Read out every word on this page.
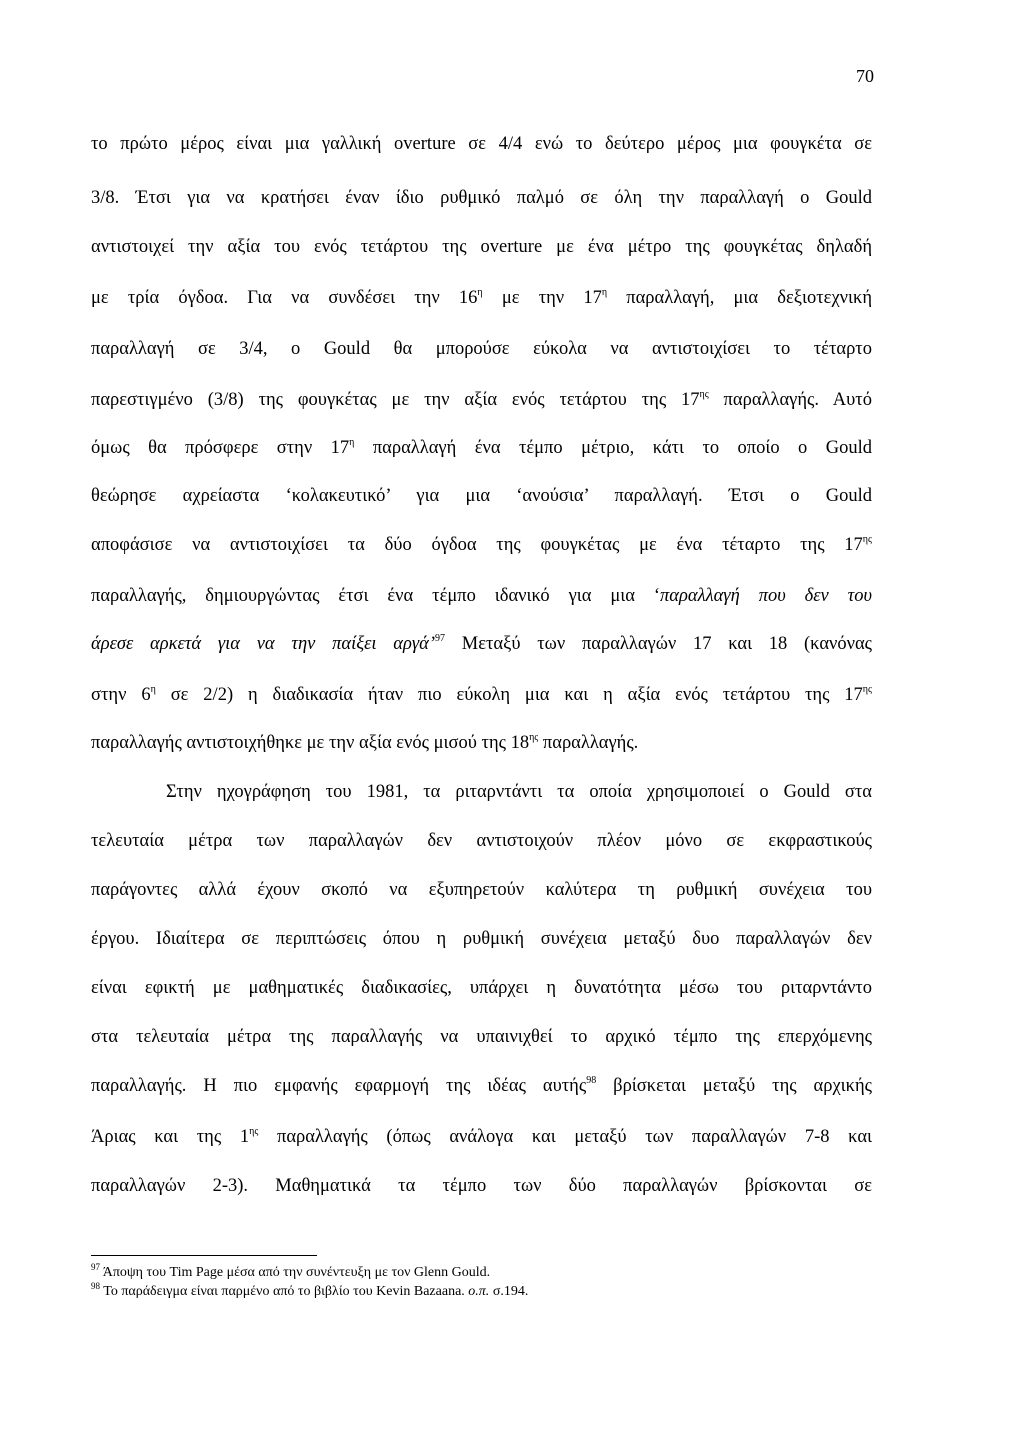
70
το πρώτο μέρος είναι μια γαλλική overture σε 4/4 ενώ το δεύτερο μέρος μια φουγκέτα σε
3/8. Έτσι για να κρατήσει έναν ίδιο ρυθμικό παλμό σε όλη την παραλλαγή ο Gould
αντιστοιχεί την αξία του ενός τετάρτου της overture με ένα μέτρο της φουγκέτας δηλαδή
με τρία όγδοα. Για να συνδέσει την $16^\eta$ με την $17^\eta$ παραλλαγή, μια δεξιοτεχνική
παραλλαγή σε 3/4, ο Gould θα μπορούσε εύκολα να αντιστοιχίσει το τέταρτο
παρεστιγμένο (3/8) της φουγκέτας με την αξία ενός τετάρτου της $17^{\eta\varsigma}$ παραλλαγής. Αυτό
όμως θα πρόσφερε στην $17^\eta$ παραλλαγή ένα τέμπο μέτριο, κάτι το οποίο ο Gould
θεώρησε αχρείαστα ‘κολακευτικό’ για μια ‘ανούσια’ παραλλαγή. Έτσι ο Gould
αποφάσισε να αντιστοιχίσει τα δύο όγδοα της φουγκέτας με ένα τέταρτο της $17^{\eta\varsigma}$
παραλλαγής, δημιουργώντας έτσι ένα τέμπο ιδανικό για μια ‘παραλλαγή που δεν του
άρεσε αρκετά για να την παίξει αργά’$^{97}$ Μεταξύ των παραλλαγών 17 και 18 (κανόνας
στην $6^\eta$ σε 2/2) η διαδικασία ήταν πιο εύκολη μια και η αξία ενός τετάρτου της $17^{\eta\varsigma}$
παραλλαγής αντιστοιχήθηκε με την αξία ενός μισού της $18^{\eta\varsigma}$ παραλλαγής.
Στην ηχογράφηση του 1981, τα ριταρντάντι τα οποία χρησιμοποιεί ο Gould στα
τελευταία μέτρα των παραλλαγών δεν αντιστοιχούν πλέον μόνο σε εκφραστικούς
παράγοντες αλλά έχουν σκοπό να εξυπηρετούν καλύτερα τη ρυθμική συνέχεια του
έργου. Ιδιαίτερα σε περιπτώσεις όπου η ρυθμική συνέχεια μεταξύ δυο παραλλαγών δεν
είναι εφικτή με μαθηματικές διαδικασίες, υπάρχει η δυνατότητα μέσω του ριταρντάντο
στα τελευταία μέτρα της παραλλαγής να υπαινιχθεί το αρχικό τέμπο της επερχόμενης
παραλλαγής. Η πιο εμφανής εφαρμογή της ιδέας αυτής$^{98}$ βρίσκεται μεταξύ της αρχικής
Άριας και της $1^{\eta\varsigma}$ παραλλαγής (όπως ανάλογα και μεταξύ των παραλλαγών 7-8 και
παραλλαγών 2-3). Μαθηματικά τα τέμπο των δύο παραλλαγών βρίσκονται σε
$^{97}$ Άποψη του Tim Page μέσα από την συνέντευξη με τον Glenn Gould.
$^{98}$ Το παράδειγμα είναι παρμένο από το βιβλίο του Kevin Bazaana. ο.π. σ.194.
